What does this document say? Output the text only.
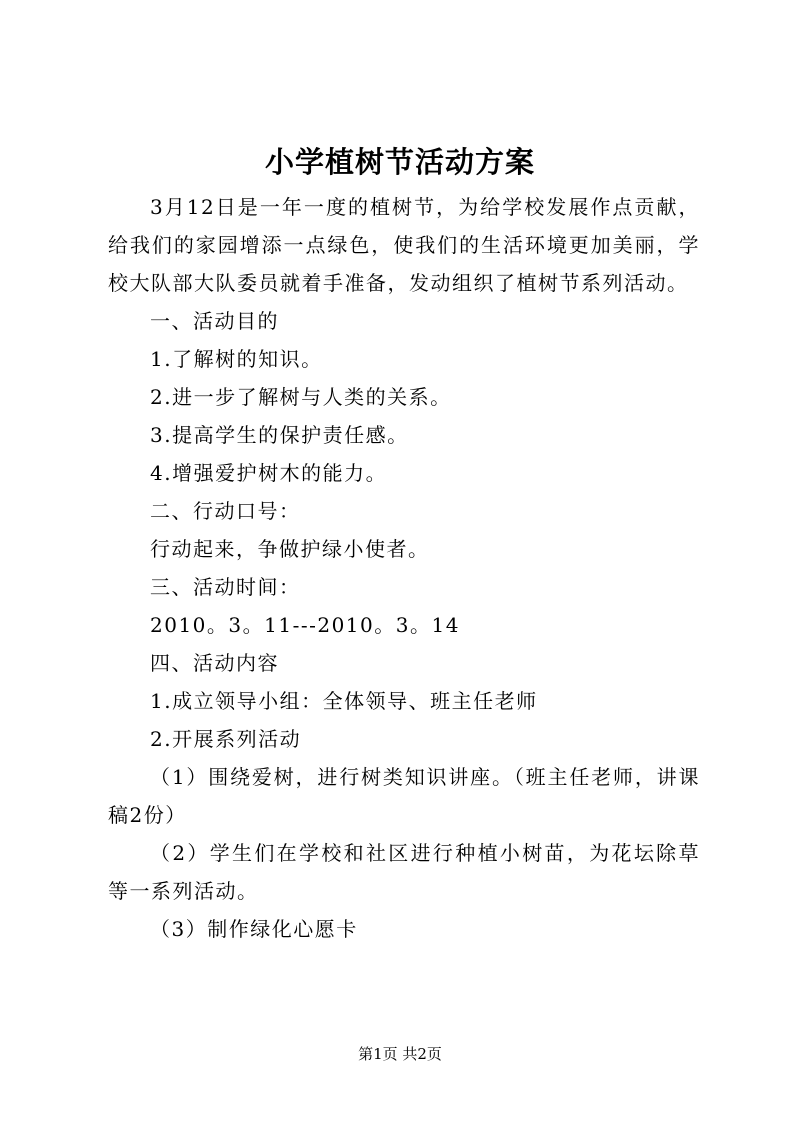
小学植树节活动方案

3月12日是一年一度的植树节，为给学校发展作点贡献，给我们的家园增添一点绿色，使我们的生活环境更加美丽，学校大队部大队委员就着手准备，发动组织了植树节系列活动。

一、活动目的

1.了解树的知识。

2.进一步了解树与人类的关系。

3.提高学生的保护责任感。

4.增强爱护树木的能力。

二、行动口号：

行动起来，争做护绿小使者。

三、活动时间：

2010。3。11---2010。3。14

四、活动内容

1.成立领导小组：全体领导、班主任老师

2.开展系列活动

（1）围绕爱树，进行树类知识讲座。（班主任老师，讲课稿2份）

（2）学生们在学校和社区进行种植小树苗，为花坛除草等一系列活动。

（3）制作绿化心愿卡

第1页 共2页
